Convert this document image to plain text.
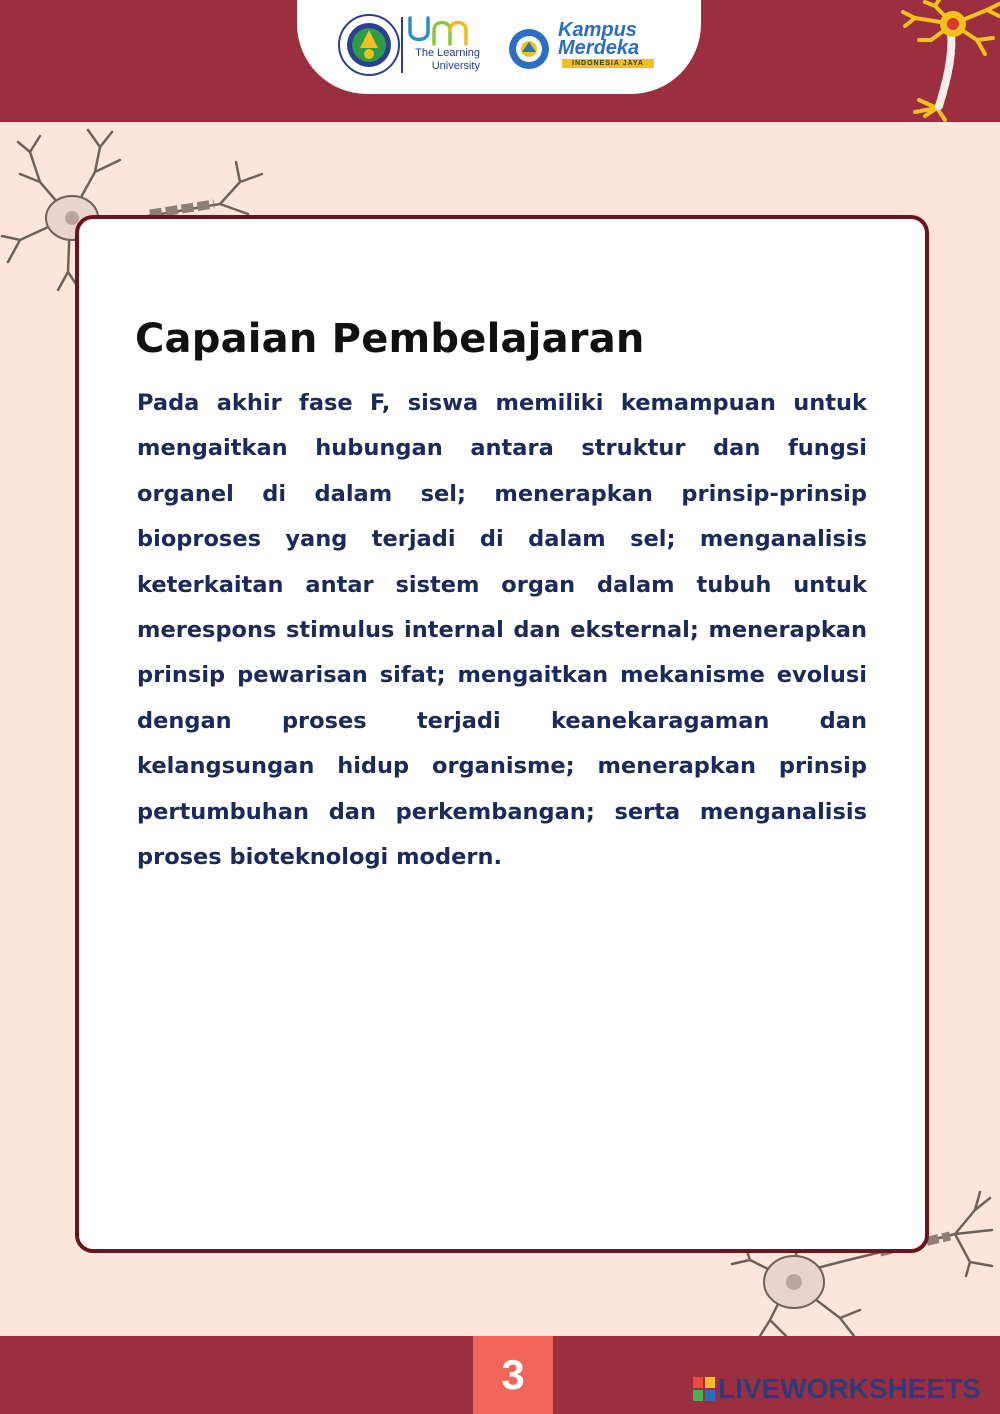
The Learning
University
Kampus
Merdeka
INDONESIA JAYA
Capaian Pembelajaran

Pada akhir fase F, siswa memiliki kemampuan untuk mengaitkan hubungan antara struktur dan fungsi organel di dalam sel; menerapkan prinsip-prinsip bioproses yang terjadi di dalam sel; menganalisis keterkaitan antar sistem organ dalam tubuh untuk merespons stimulus internal dan eksternal; menerapkan prinsip pewarisan sifat; mengaitkan mekanisme evolusi dengan proses terjadi keanekaragaman dan kelangsungan hidup organisme; menerapkan prinsip pertumbuhan dan perkembangan; serta menganalisis proses bioteknologi modern.

3	LIVEWORKSHEETS
